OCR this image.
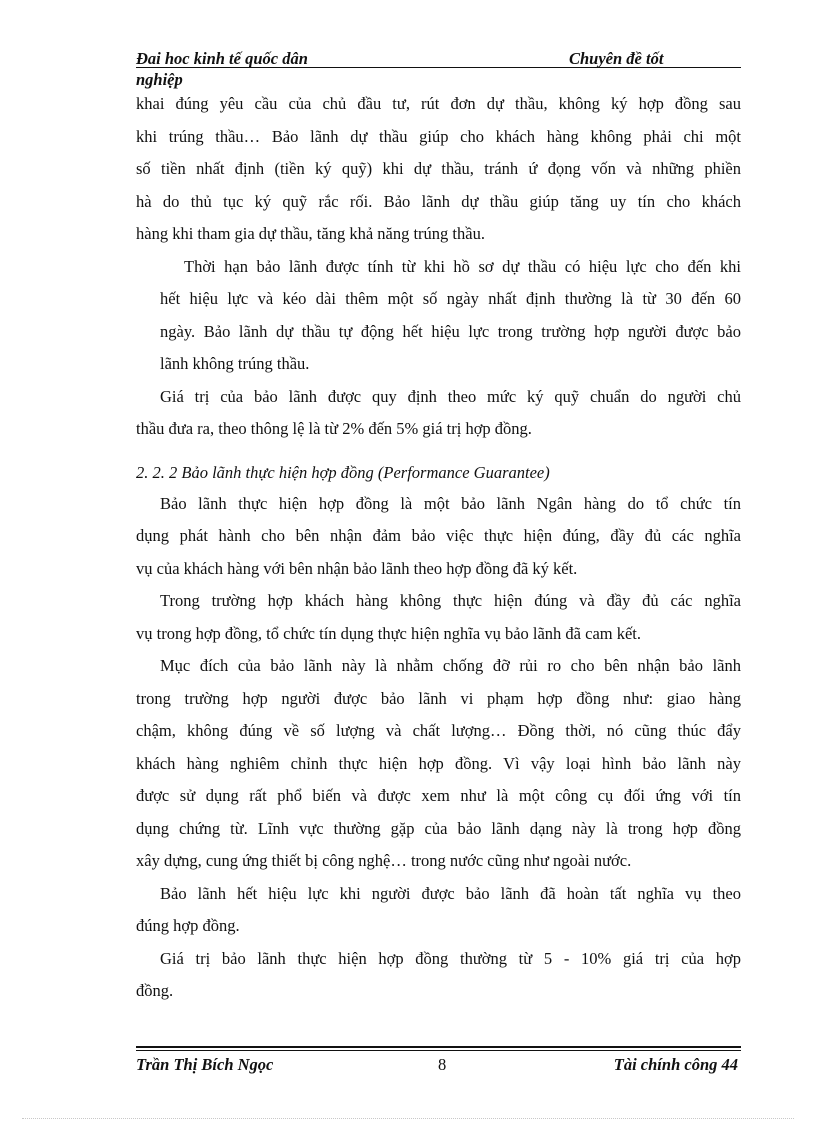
Đai hoc kinh tế quốc dân	Chuyên đề tốt
nghiệp

khai đúng yêu cầu của chủ đầu tư, rút đơn dự thầu, không ký hợp đồng sau
khi trúng thầu… Bảo lãnh dự thầu giúp cho khách hàng không phải chi một
số tiền nhất định (tiền ký quỹ) khi dự thầu, tránh ứ đọng vốn và những phiền
hà do thủ tục ký quỹ rắc rối. Bảo lãnh dự thầu giúp tăng uy tín cho khách
hàng khi tham gia dự thầu, tăng khả năng trúng thầu.

Thời hạn bảo lãnh được tính từ khi hồ sơ dự thầu có hiệu lực cho đến khi
hết hiệu lực và kéo dài thêm một số ngày nhất định thường là từ 30 đến 60
ngày. Bảo lãnh dự thầu tự động hết hiệu lực trong trường hợp người được bảo
lãnh không trúng thầu.

Giá trị của bảo lãnh được quy định theo mức ký quỹ chuẩn do người chủ
thầu đưa ra, theo thông lệ là từ 2% đến 5% giá trị hợp đồng.

2. 2. 2 Bảo lãnh thực hiện hợp đồng (Performance Guarantee)

Bảo lãnh thực hiện hợp đồng là một bảo lãnh Ngân hàng do tổ chức tín
dụng phát hành cho bên nhận đảm bảo việc thực hiện đúng, đầy đủ các nghĩa
vụ của khách hàng với bên nhận bảo lãnh theo hợp đồng đã ký kết.

Trong trường hợp khách hàng không thực hiện đúng và đầy đủ các nghĩa
vụ trong hợp đồng, tổ chức tín dụng thực hiện nghĩa vụ bảo lãnh đã cam kết.

Mục đích của bảo lãnh này là nhằm chống đỡ rủi ro cho bên nhận bảo lãnh
trong trường hợp người được bảo lãnh vi phạm hợp đồng như: giao hàng
chậm, không đúng về số lượng và chất lượng… Đồng thời, nó cũng thúc đẩy
khách hàng nghiêm chỉnh thực hiện hợp đồng. Vì vậy loại hình bảo lãnh này
được sử dụng rất phổ biến và được xem như là một công cụ đối ứng với tín
dụng chứng từ. Lĩnh vực thường gặp của bảo lãnh dạng này là trong hợp đồng
xây dựng, cung ứng thiết bị công nghệ… trong nước cũng như ngoài nước.

Bảo lãnh hết hiệu lực khi người được bảo lãnh đã hoàn tất nghĩa vụ theo
đúng hợp đồng.

Giá trị bảo lãnh thực hiện hợp đồng thường từ 5 - 10% giá trị của hợp
đồng.

Trần Thị Bích Ngọc	8	Tài chính công 44
